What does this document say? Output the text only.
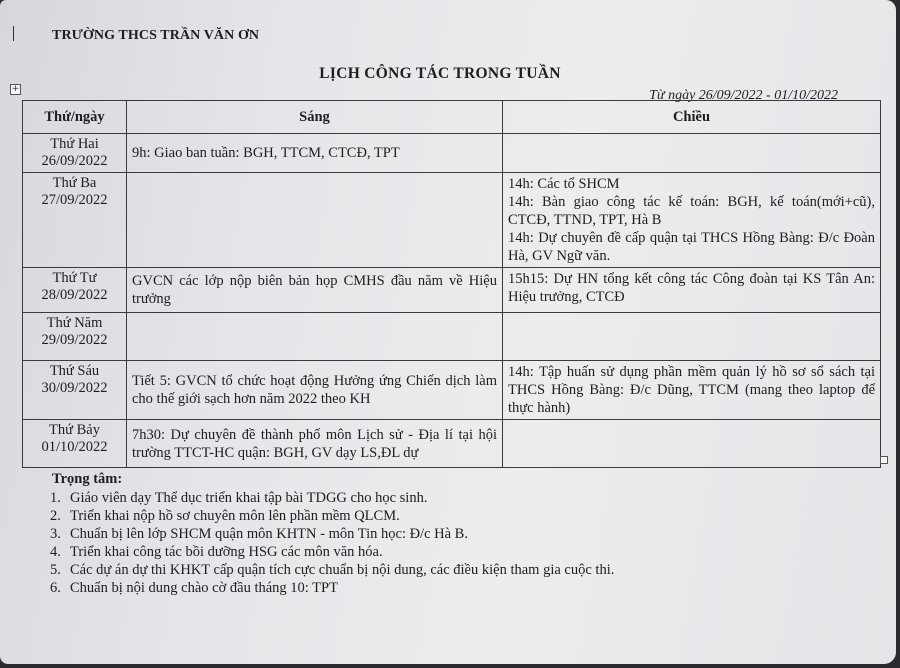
TRƯỜNG THCS TRẦN VĂN ƠN
LỊCH CÔNG TÁC TRONG TUẦN
Từ ngày 26/09/2022 - 01/10/2022
+
Thứ/ngày	Sáng	Chiều

Thứ Hai
26/09/2022	9h: Giao ban tuần: BGH, TTCM, CTCĐ, TPT	

Thứ Ba
27/09/2022		14h: Các tổ SHCM
14h: Bàn giao công tác kế toán: BGH, kế toán(mới+cũ), CTCĐ, TTND, TPT, Hà B
14h: Dự chuyên đề cấp quận tại THCS Hồng Bàng: Đ/c Đoàn Hà, GV Ngữ văn.

Thứ Tư
28/09/2022	GVCN các lớp nộp biên bản họp CMHS đầu năm về Hiệu trưởng	15h15: Dự HN tổng kết công tác Công đoàn tại KS Tân An: Hiệu trưởng, CTCĐ

Thứ Năm
29/09/2022		

Thứ Sáu
30/09/2022	Tiết 5: GVCN tổ chức hoạt động Hưởng ứng Chiến dịch làm cho thế giới sạch hơn năm 2022 theo KH	14h: Tập huấn sử dụng phần mềm quản lý hồ sơ sổ sách tại THCS Hồng Bàng: Đ/c Dũng, TTCM (mang theo laptop để thực hành)

Thứ Bảy
01/10/2022	7h30: Dự chuyên đề thành phố môn Lịch sử - Địa lí tại hội trường TTCT-HC quận: BGH, GV dạy LS,ĐL dự	

Trọng tâm:
1. Giáo viên dạy Thể dục triển khai tập bài TDGG cho học sinh.
2. Triển khai nộp hồ sơ chuyên môn lên phần mềm QLCM.
3. Chuẩn bị lên lớp SHCM quận môn KHTN - môn Tin học: Đ/c Hà B.
4. Triển khai công tác bồi dưỡng HSG các môn văn hóa.
5. Các dự án dự thi KHKT cấp quận tích cực chuẩn bị nội dung, các điều kiện tham gia cuộc thi.
6. Chuẩn bị nội dung chào cờ đầu tháng 10: TPT
